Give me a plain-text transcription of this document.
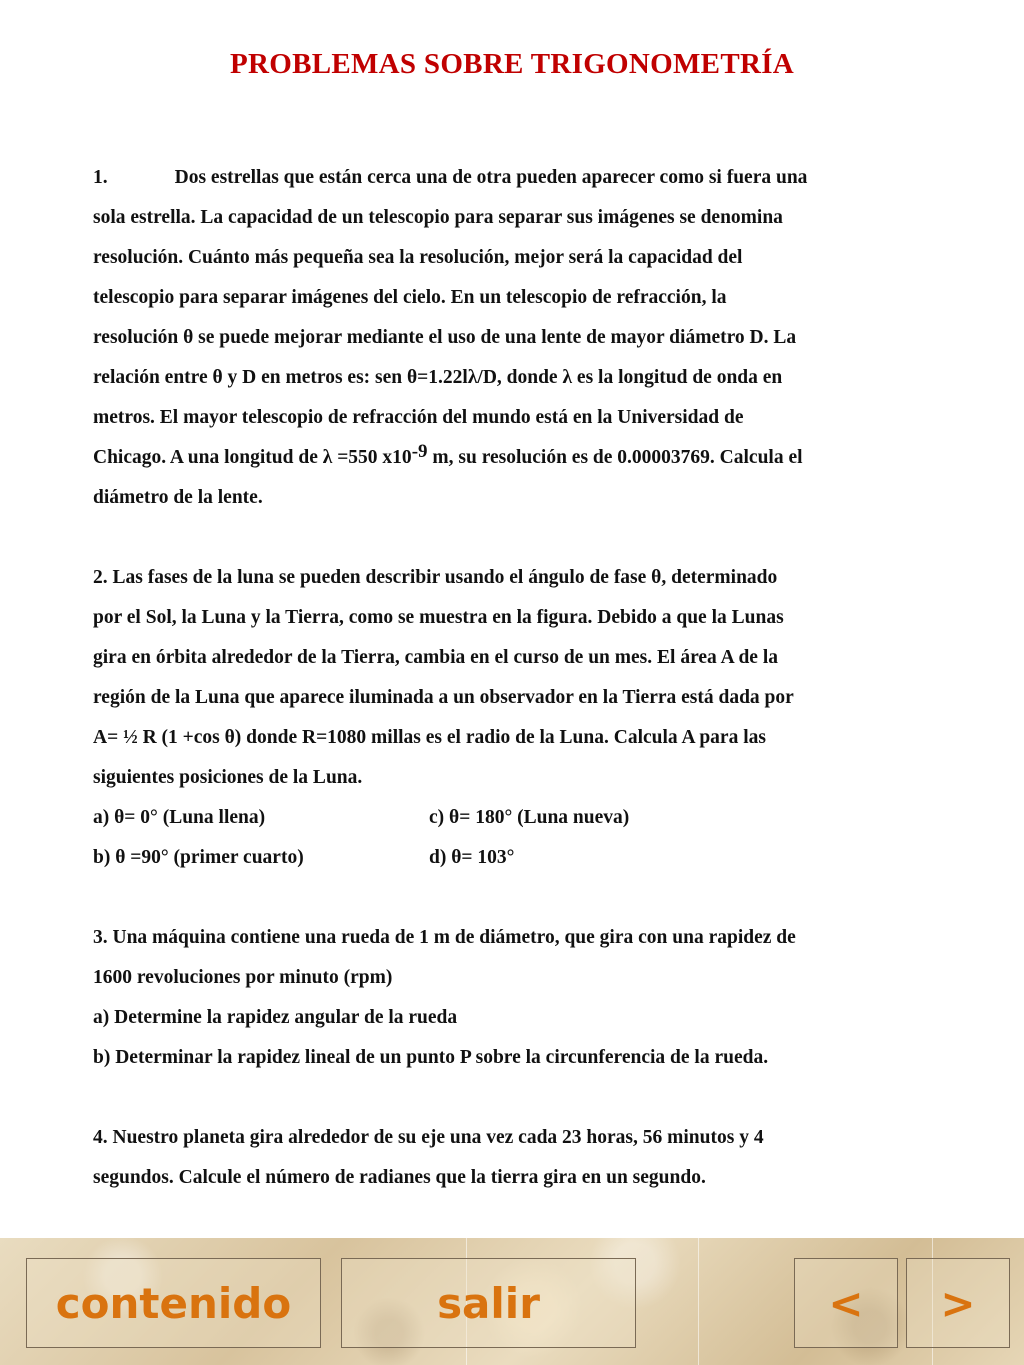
PROBLEMAS SOBRE TRIGONOMETRÍA

1.	Dos estrellas que están cerca una de otra pueden aparecer como si fuera una

sola estrella. La capacidad de un telescopio para separar sus imágenes se denomina

resolución. Cuánto más pequeña sea la resolución, mejor será la capacidad del

telescopio para separar imágenes del cielo. En un telescopio de refracción, la

resolución θ se puede mejorar mediante el uso de una lente de mayor diámetro D. La

relación entre θ y D en metros es: sen θ=1.22lλ/D, donde λ es la longitud de onda en

metros. El mayor telescopio de refracción del mundo está en la Universidad de

Chicago. A una longitud de λ =550 $x10^{-9}$ m, su resolución es de 0.00003769. Calcula el

diámetro de la lente.

2. Las fases de la luna se pueden describir usando el ángulo de fase θ, determinado

por el Sol, la Luna y la Tierra, como se muestra en la figura. Debido a que la Lunas

gira en órbita alrededor de la Tierra, cambia en el curso de un mes. El área A de la

región de la Luna que aparece iluminada a un observador en la Tierra está dada por

A= ½ R (1 +cos θ) donde R=1080 millas es el radio de la Luna. Calcula A para las

siguientes posiciones de la Luna.

a) θ= 0° (Luna llena)	c) θ= 180° (Luna nueva)
b) θ =90° (primer cuarto)	d) θ= 103°

3. Una máquina contiene una rueda de 1 m de diámetro, que gira con una rapidez de

1600 revoluciones por minuto (rpm)

a) Determine la rapidez angular de la rueda

b) Determinar la rapidez lineal de un punto P sobre la circunferencia de la rueda.

4. Nuestro planeta gira alrededor de su eje una vez cada 23 horas, 56 minutos y 4

segundos. Calcule el número de radianes que la tierra gira en un segundo.

contenido	salir	<	>
